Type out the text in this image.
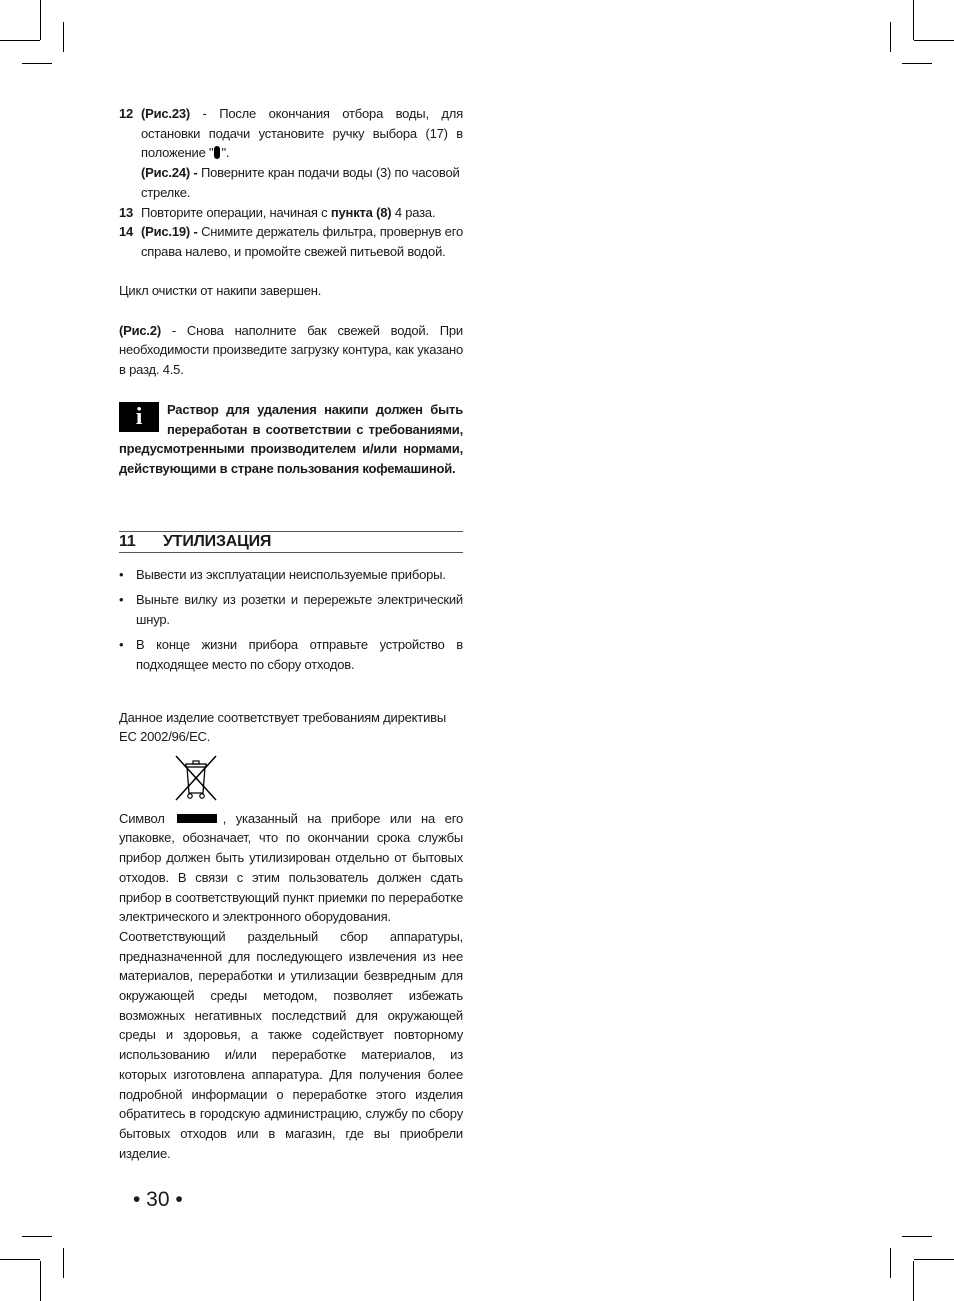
12 (Рис.23) - После окончания отбора воды, для остановки подачи установите ручку выбора (17) в положение " ".

(Рис.24) - Поверните кран подачи воды (3) по часовой стрелке.

13 Повторите операции, начиная с пункта (8) 4 раза.

14 (Рис.19) - Снимите держатель фильтра, провернув его справа налево, и промойте свежей питьевой водой.

Цикл очистки от накипи завершен.

(Рис.2) - Снова наполните бак свежей водой. При необходимости произведите загрузку контура, как указано в разд. 4.5.

i Раствор для удаления накипи должен быть переработан в соответствии с требованиями, предусмотренными производителем и/или нормами, действующими в стране пользования кофемашиной.
11	УТИЛИЗАЦИЯ
• Вывести из эксплуатации неиспользуемые приборы.
• Выньте вилку из розетки и перережьте электрический шнур.
• В конце жизни прибора отправьте устройство в подходящее место по сбору отходов.

Данное изделие соответствует требованиям директивы EC 2002/96/EC.

Символ	, указанный на приборе или на его упаковке, обозначает, что по окончании срока службы прибор должен быть утилизирован отдельно от бытовых отходов. В связи с этим пользователь должен сдать прибор в соответствующий пункт приемки по переработке электрического и электронного оборудования.

Соответствующий раздельный сбор аппаратуры, предназначенной для последующего извлечения из нее материалов, переработки и утилизации безвредным для окружающей среды методом, позволяет избежать возможных негативных последствий для окружающей среды и здоровья, а также содействует повторному использованию и/или переработке материалов, из которых изготовлена аппаратура. Для получения более подробной информации о переработке этого изделия обратитесь в городскую администрацию, службу по сбору бытовых отходов или в магазин, где вы приобрели изделие.

• 30 •
